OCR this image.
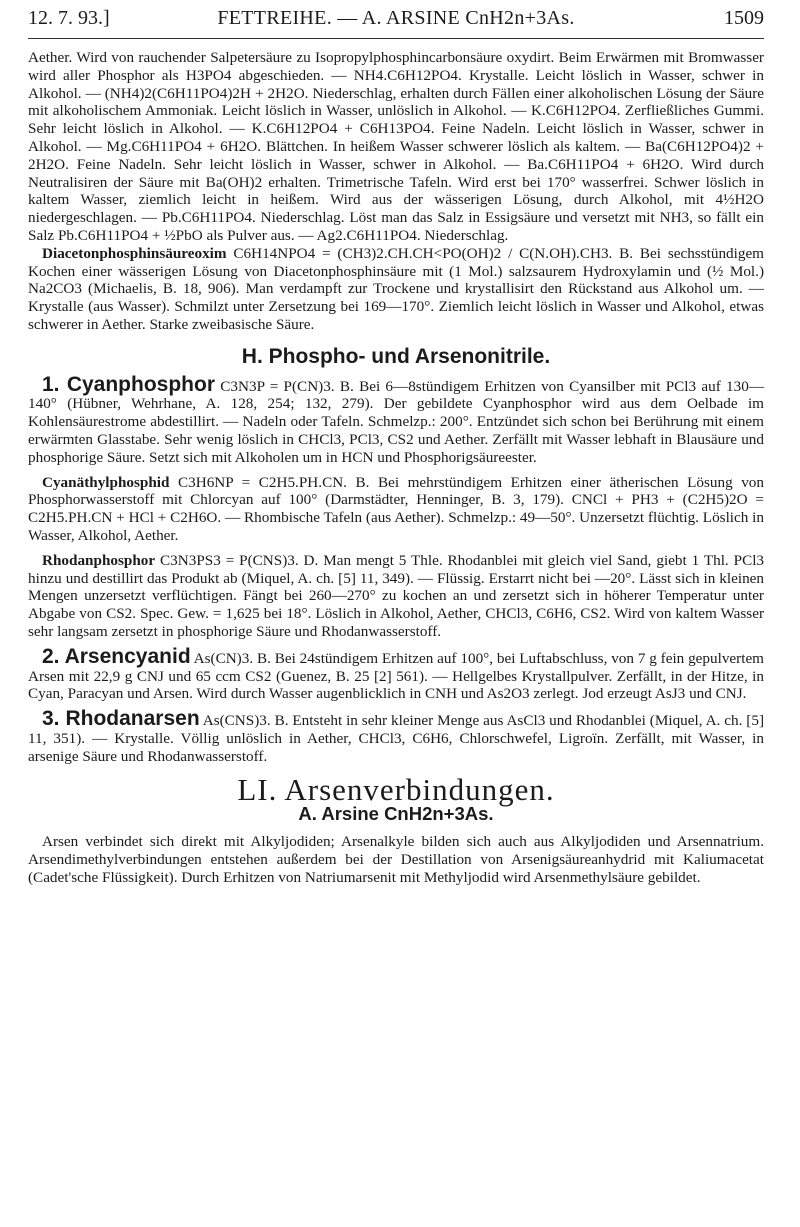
12. 7. 93.]	FETTREIHE. — A. ARSINE CnH2n+3As.	1509

Aether. Wird von rauchender Salpetersäure zu Isopropylphosphincarbonsäure oxydirt. Beim Erwärmen mit Bromwasser wird aller Phosphor als H3PO4 abgeschieden. — NH4.C6H12PO4. Krystalle. Leicht löslich in Wasser, schwer in Alkohol. — (NH4)2(C6H11PO4)2H + 2H2O. Niederschlag, erhalten durch Fällen einer alkoholischen Lösung der Säure mit alkoholischem Ammoniak. Leicht löslich in Wasser, unlöslich in Alkohol. — K.C6H12PO4. Zerfließliches Gummi. Sehr leicht löslich in Alkohol. — K.C6H12PO4 + C6H13PO4. Feine Nadeln. Leicht löslich in Wasser, schwer in Alkohol. — Mg.C6H11PO4 + 6H2O. Blättchen. In heißem Wasser schwerer löslich als kaltem. — Ba(C6H12PO4)2 + 2H2O. Feine Nadeln. Sehr leicht löslich in Wasser, schwer in Alkohol. — Ba.C6H11PO4 + 6H2O. Wird durch Neutralisiren der Säure mit Ba(OH)2 erhalten. Trimetrische Tafeln. Wird erst bei 170° wasserfrei. Schwer löslich in kaltem Wasser, ziemlich leicht in heißem. Wird aus der wässerigen Lösung, durch Alkohol, mit 4½H2O niedergeschlagen. — Pb.C6H11PO4. Niederschlag. Löst man das Salz in Essigsäure und versetzt mit NH3, so fällt ein Salz Pb.C6H11PO4 + ½PbO als Pulver aus. — Ag2.C6H11PO4. Niederschlag.

Diacetonphosphinsäureoxim C6H14NPO4 = (CH3)2.CH.CH<PO(OH)2 / C(N.OH).CH3. B. Bei sechsstündigem Kochen einer wässerigen Lösung von Diacetonphosphinsäure mit (1 Mol.) salzsaurem Hydroxylamin und (½ Mol.) Na2CO3 (Michaelis, B. 18, 906). Man verdampft zur Trockene und krystallisirt den Rückstand aus Alkohol um. — Krystalle (aus Wasser). Schmilzt unter Zersetzung bei 169—170°. Ziemlich leicht löslich in Wasser und Alkohol, etwas schwerer in Aether. Starke zweibasische Säure.

H. Phospho- und Arsenonitrile.

1. Cyanphosphor C3N3P = P(CN)3. B. Bei 6—8stündigem Erhitzen von Cyansilber mit PCl3 auf 130—140° (Hübner, Wehrhane, A. 128, 254; 132, 279). Der gebildete Cyanphosphor wird aus dem Oelbade im Kohlensäurestrome abdestillirt. — Nadeln oder Tafeln. Schmelzp.: 200°. Entzündet sich schon bei Berührung mit einem erwärmten Glasstabe. Sehr wenig löslich in CHCl3, PCl3, CS2 und Aether. Zerfällt mit Wasser lebhaft in Blausäure und phosphorige Säure. Setzt sich mit Alkoholen um in HCN und Phosphorigsäureester.

Cyanäthylphosphid C3H6NP = C2H5.PH.CN. B. Bei mehrstündigem Erhitzen einer ätherischen Lösung von Phosphorwasserstoff mit Chlorcyan auf 100° (Darmstädter, Henninger, B. 3, 179). CNCl + PH3 + (C2H5)2O = C2H5.PH.CN + HCl + C2H6O. — Rhombische Tafeln (aus Aether). Schmelzp.: 49—50°. Unzersetzt flüchtig. Löslich in Wasser, Alkohol, Aether.

Rhodanphosphor C3N3PS3 = P(CNS)3. D. Man mengt 5 Thle. Rhodanblei mit gleich viel Sand, giebt 1 Thl. PCl3 hinzu und destillirt das Produkt ab (Miquel, A. ch. [5] 11, 349). — Flüssig. Erstarrt nicht bei —20°. Lässt sich in kleinen Mengen unzersetzt verflüchtigen. Fängt bei 260—270° zu kochen an und zersetzt sich in höherer Temperatur unter Abgabe von CS2. Spec. Gew. = 1,625 bei 18°. Löslich in Alkohol, Aether, CHCl3, C6H6, CS2. Wird von kaltem Wasser sehr langsam zersetzt in phosphorige Säure und Rhodanwasserstoff.

2. Arsencyanid As(CN)3. B. Bei 24stündigem Erhitzen auf 100°, bei Luftabschluss, von 7 g fein gepulvertem Arsen mit 22,9 g CNJ und 65 ccm CS2 (Guenez, B. 25 [2] 561). — Hellgelbes Krystallpulver. Zerfällt, in der Hitze, in Cyan, Paracyan und Arsen. Wird durch Wasser augenblicklich in CNH und As2O3 zerlegt. Jod erzeugt AsJ3 und CNJ.

3. Rhodanarsen As(CNS)3. B. Entsteht in sehr kleiner Menge aus AsCl3 und Rhodanblei (Miquel, A. ch. [5] 11, 351). — Krystalle. Völlig unlöslich in Aether, CHCl3, C6H6, Chlorschwefel, Ligroïn. Zerfällt, mit Wasser, in arsenige Säure und Rhodanwasserstoff.

LI. Arsenverbindungen.
A. Arsine CnH2n+3As.

Arsen verbindet sich direkt mit Alkyljodiden; Arsenalkyle bilden sich auch aus Alkyljodiden und Arsennatrium. Arsendimethylverbindungen entstehen außerdem bei der Destillation von Arsenigsäureanhydrid mit Kaliumacetat (Cadet'sche Flüssigkeit). Durch Erhitzen von Natriumarsenit mit Methyljodid wird Arsenmethylsäure gebildet.
